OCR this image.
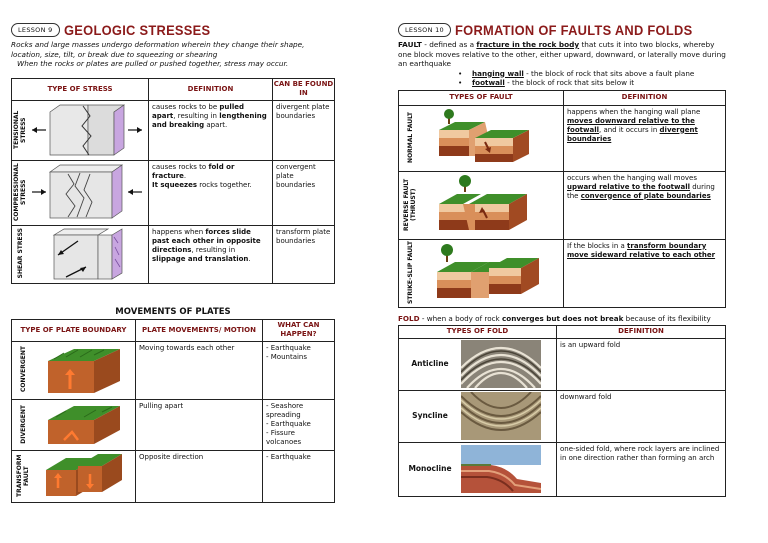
LESSON 9 GEOLOGIC STRESSES

Rocks and large masses undergo deformation wherein they change their shape, location, size, tilt, or break due to squeezing or shearing

When the rocks or plates are pulled or pushed together, stress may occur.

TYPE OF STRESS	DEFINITION	CAN BE FOUND IN

TENSIONAL STRESS	causes rocks to be pulled apart, resulting in lengthening and breaking apart.	divergent plate boundaries

COMPRESSIONAL STRESS	causes rocks to fold or fracture.
It squeezes rocks together.	convergent plate boundaries

SHEAR STRESS	happens when forces slide past each other in opposite directions, resulting in slippage and translation.	transform plate boundaries
MOVEMENTS OF PLATES
TYPE OF PLATE BOUNDARY	PLATE MOVEMENTS/ MOTION	WHAT CAN HAPPEN?

CONVERGENT	Moving towards each other	- Earthquake
- Mountains

DIVERGENT	Pulling apart	- Seashore spreading
- Earthquake
- Fissure volcanoes

TRANSFORM FAULT	Opposite direction	- Earthquake
LESSON 10 FORMATION OF FAULTS AND FOLDS

FAULT - defined as a fracture in the rock body that cuts it into two blocks, whereby one block moves relative to the other, either upward, downward, or laterally move during an earthquake

• hanging wall - the block of rock that sits above a fault plane
• footwall - the block of rock that sits below it
TYPES OF FAULT	DEFINITION

NORMAL FAULT	happens when the hanging wall plane moves downward relative to the footwall, and it occurs in divergent boundaries

REVERSE FAULT (THRUST)	occurs when the hanging wall moves upward relative to the footwall during the convergence of plate boundaries

STRIKE-SLIP FAULT	If the blocks in a transform boundary move sideward relative to each other

FOLD - when a body of rock converges but does not break because of its flexibility

TYPES OF FOLD	DEFINITION

Anticline	is an upward fold

Syncline	downward fold

Monocline	one-sided fold, where rock layers are inclined in one direction rather than forming an arch
